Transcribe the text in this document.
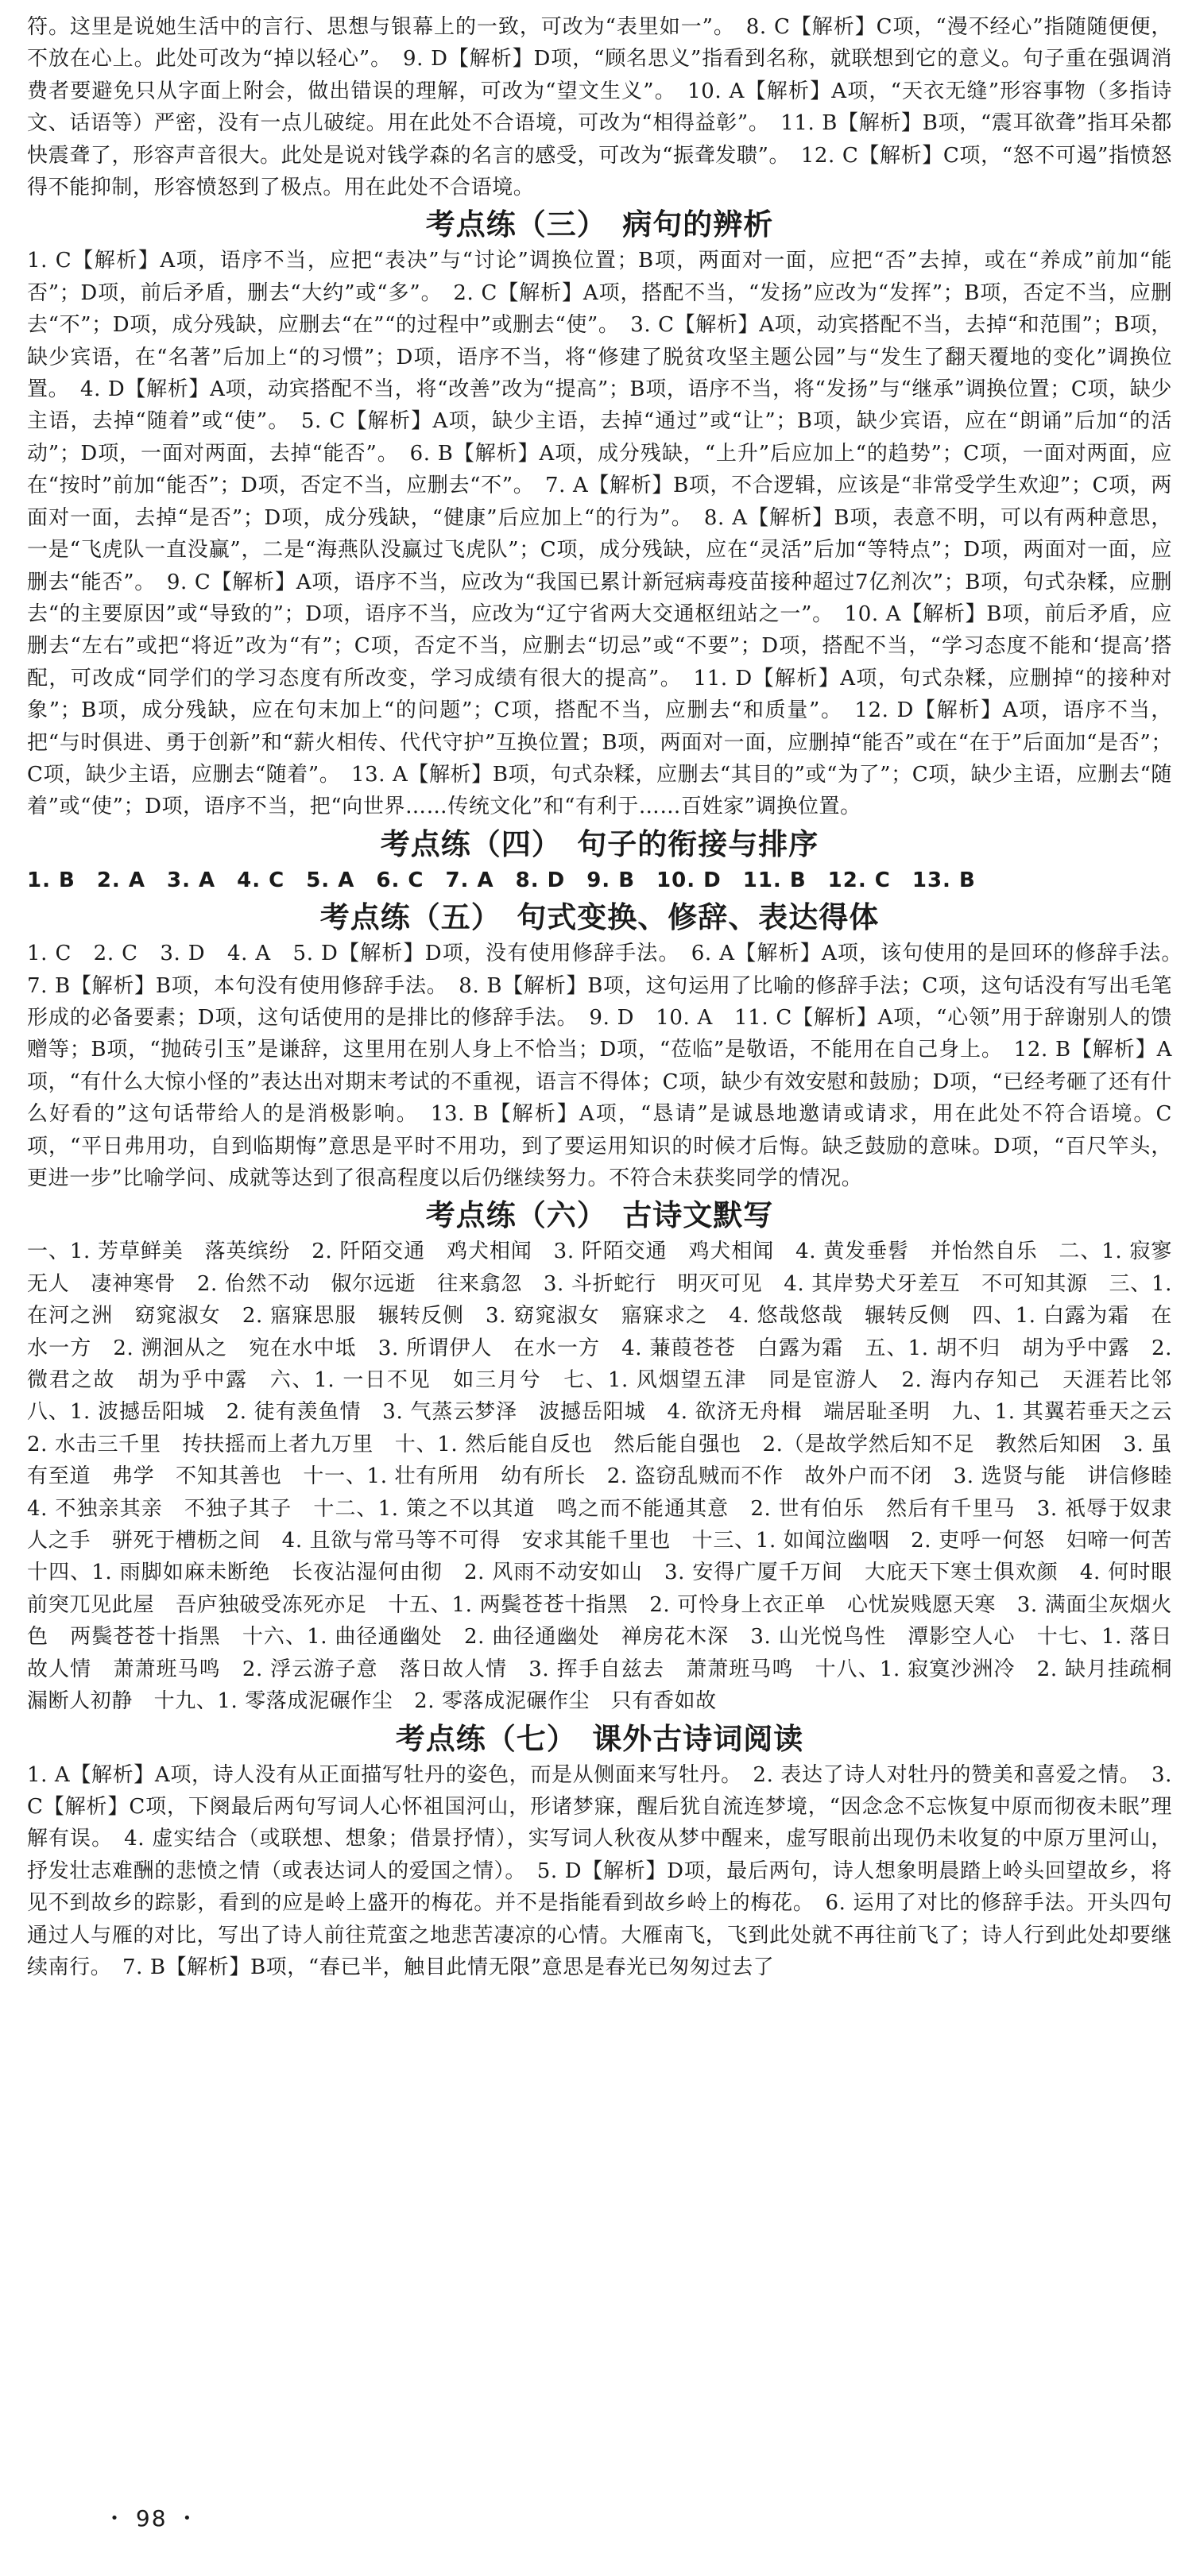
符。这里是说她生活中的言行、思想与银幕上的一致，可改为“表里如一”。　8. C【解析】C项，“漫不经心”指随随便便，不放在心上。此处可改为“掉以轻心”。　9. D【解析】D项，“顾名思义”指看到名称，就联想到它的意义。句子重在强调消费者要避免只从字面上附会，做出错误的理解，可改为“望文生义”。　10. A【解析】A项，“天衣无缝”形容事物（多指诗文、话语等）严密，没有一点儿破绽。用在此处不合语境，可改为“相得益彰”。　11. B【解析】B项，“震耳欲聋”指耳朵都快震聋了，形容声音很大。此处是说对钱学森的名言的感受，可改为“振聋发聩”。　12. C【解析】C项，“怒不可遏”指愤怒得不能抑制，形容愤怒到了极点。用在此处不合语境。

考点练（三）　病句的辨析

1. C【解析】A项，语序不当，应把“表决”与“讨论”调换位置；B项，两面对一面，应把“否”去掉，或在“养成”前加“能否”；D项，前后矛盾，删去“大约”或“多”。　2. C【解析】A项，搭配不当，“发扬”应改为“发挥”；B项，否定不当，应删去“不”；D项，成分残缺，应删去“在”“的过程中”或删去“使”。　3. C【解析】A项，动宾搭配不当，去掉“和范围”；B项，缺少宾语，在“名著”后加上“的习惯”；D项，语序不当，将“修建了脱贫攻坚主题公园”与“发生了翻天覆地的变化”调换位置。　4. D【解析】A项，动宾搭配不当，将“改善”改为“提高”；B项，语序不当，将“发扬”与“继承”调换位置；C项，缺少主语，去掉“随着”或“使”。　5. C【解析】A项，缺少主语，去掉“通过”或“让”；B项，缺少宾语，应在“朗诵”后加“的活动”；D项，一面对两面，去掉“能否”。　6. B【解析】A项，成分残缺，“上升”后应加上“的趋势”；C项，一面对两面，应在“按时”前加“能否”；D项，否定不当，应删去“不”。　7. A【解析】B项，不合逻辑，应该是“非常受学生欢迎”；C项，两面对一面，去掉“是否”；D项，成分残缺，“健康”后应加上“的行为”。　8. A【解析】B项，表意不明，可以有两种意思，一是“飞虎队一直没赢”，二是“海燕队没赢过飞虎队”；C项，成分残缺，应在“灵活”后加“等特点”；D项，两面对一面，应删去“能否”。　9. C【解析】A项，语序不当，应改为“我国已累计新冠病毒疫苗接种超过7亿剂次”；B项，句式杂糅，应删去“的主要原因”或“导致的”；D项，语序不当，应改为“辽宁省两大交通枢纽站之一”。　10. A【解析】B项，前后矛盾，应删去“左右”或把“将近”改为“有”；C项，否定不当，应删去“切忌”或“不要”；D项，搭配不当，“学习态度不能和‘提高’搭配，可改成“同学们的学习态度有所改变，学习成绩有很大的提高”。　11. D【解析】A项，句式杂糅，应删掉“的接种对象”；B项，成分残缺，应在句末加上“的问题”；C项，搭配不当，应删去“和质量”。　12. D【解析】A项，语序不当，把“与时俱进、勇于创新”和“薪火相传、代代守护”互换位置；B项，两面对一面，应删掉“能否”或在“在于”后面加“是否”；C项，缺少主语，应删去“随着”。　13. A【解析】B项，句式杂糅，应删去“其目的”或“为了”；C项，缺少主语，应删去“随着”或“使”；D项，语序不当，把“向世界……传统文化”和“有利于……百姓家”调换位置。

考点练（四）　句子的衔接与排序

1. B　2. A　3. A　4. C　5. A　6. C　7. A　8. D　9. B　10. D　11. B　12. C　13. B

考点练（五）　句式变换、修辞、表达得体

1. C　2. C　3. D　4. A　5. D【解析】D项，没有使用修辞手法。　6. A【解析】A项，该句使用的是回环的修辞手法。　7. B【解析】B项，本句没有使用修辞手法。　8. B【解析】B项，这句运用了比喻的修辞手法；C项，这句话没有写出毛笔形成的必备要素；D项，这句话使用的是排比的修辞手法。　9. D　10. A　11. C【解析】A项，“心领”用于辞谢别人的馈赠等；B项，“抛砖引玉”是谦辞，这里用在别人身上不恰当；D项，“莅临”是敬语，不能用在自己身上。　12. B【解析】A项，“有什么大惊小怪的”表达出对期末考试的不重视，语言不得体；C项，缺少有效安慰和鼓励；D项，“已经考砸了还有什么好看的”这句话带给人的是消极影响。　13. B【解析】A项，“恳请”是诚恳地邀请或请求，用在此处不符合语境。C项，“平日弗用功，自到临期悔”意思是平时不用功，到了要运用知识的时候才后悔。缺乏鼓励的意味。D项，“百尺竿头，更进一步”比喻学问、成就等达到了很高程度以后仍继续努力。不符合未获奖同学的情况。

考点练（六）　古诗文默写

一、1. 芳草鲜美　落英缤纷　2. 阡陌交通　鸡犬相闻　3. 阡陌交通　鸡犬相闻　4. 黄发垂髫　并怡然自乐　二、1. 寂寥无人　凄神寒骨　2. 佁然不动　俶尔远逝　往来翕忽　3. 斗折蛇行　明灭可见　4. 其岸势犬牙差互　不可知其源　三、1. 在河之洲　窈窕淑女　2. 寤寐思服　辗转反侧　3. 窈窕淑女　寤寐求之　4. 悠哉悠哉　辗转反侧　四、1. 白露为霜　在水一方　2. 溯洄从之　宛在水中坻　3. 所谓伊人　在水一方　4. 蒹葭苍苍　白露为霜　五、1. 胡不归　胡为乎中露　2. 微君之故　胡为乎中露　六、1. 一日不见　如三月兮　七、1. 风烟望五津　同是宦游人　2. 海内存知己　天涯若比邻　八、1. 波撼岳阳城　2. 徒有羡鱼情　3. 气蒸云梦泽　波撼岳阳城　4. 欲济无舟楫　端居耻圣明　九、1. 其翼若垂天之云　2. 水击三千里　抟扶摇而上者九万里　十、1. 然后能自反也　然后能自强也　2.（是故学然后知不足　教然后知困　3. 虽有至道　弗学　不知其善也　十一、1. 壮有所用　幼有所长　2. 盗窃乱贼而不作　故外户而不闭　3. 选贤与能　讲信修睦　4. 不独亲其亲　不独子其子　十二、1. 策之不以其道　鸣之而不能通其意　2. 世有伯乐　然后有千里马　3. 祇辱于奴隶人之手　骈死于槽枥之间　4. 且欲与常马等不可得　安求其能千里也　十三、1. 如闻泣幽咽　2. 吏呼一何怒　妇啼一何苦　十四、1. 雨脚如麻未断绝　长夜沾湿何由彻　2. 风雨不动安如山　3. 安得广厦千万间　大庇天下寒士俱欢颜　4. 何时眼前突兀见此屋　吾庐独破受冻死亦足　十五、1. 两鬓苍苍十指黑　2. 可怜身上衣正单　心忧炭贱愿天寒　3. 满面尘灰烟火色　两鬓苍苍十指黑　十六、1. 曲径通幽处　2. 曲径通幽处　禅房花木深　3. 山光悦鸟性　潭影空人心　十七、1. 落日故人情　萧萧班马鸣　2. 浮云游子意　落日故人情　3. 挥手自兹去　萧萧班马鸣　十八、1. 寂寞沙洲冷　2. 缺月挂疏桐　漏断人初静　十九、1. 零落成泥碾作尘　2. 零落成泥碾作尘　只有香如故

考点练（七）　课外古诗词阅读

1. A【解析】A项，诗人没有从正面描写牡丹的姿色，而是从侧面来写牡丹。　2. 表达了诗人对牡丹的赞美和喜爱之情。　3. C【解析】C项，下阕最后两句写词人心怀祖国河山，形诸梦寐，醒后犹自流连梦境，“因念念不忘恢复中原而彻夜未眠”理解有误。　4. 虚实结合（或联想、想象；借景抒情），实写词人秋夜从梦中醒来，虚写眼前出现仍未收复的中原万里河山，抒发壮志难酬的悲愤之情（或表达词人的爱国之情）。　5. D【解析】D项，最后两句，诗人想象明晨踏上岭头回望故乡，将见不到故乡的踪影，看到的应是岭上盛开的梅花。并不是指能看到故乡岭上的梅花。　6. 运用了对比的修辞手法。开头四句通过人与雁的对比，写出了诗人前往荒蛮之地悲苦凄凉的心情。大雁南飞，飞到此处就不再往前飞了；诗人行到此处却要继续南行。　7. B【解析】B项，“春已半，触目此情无限”意思是春光已匆匆过去了

・ 98 ・
